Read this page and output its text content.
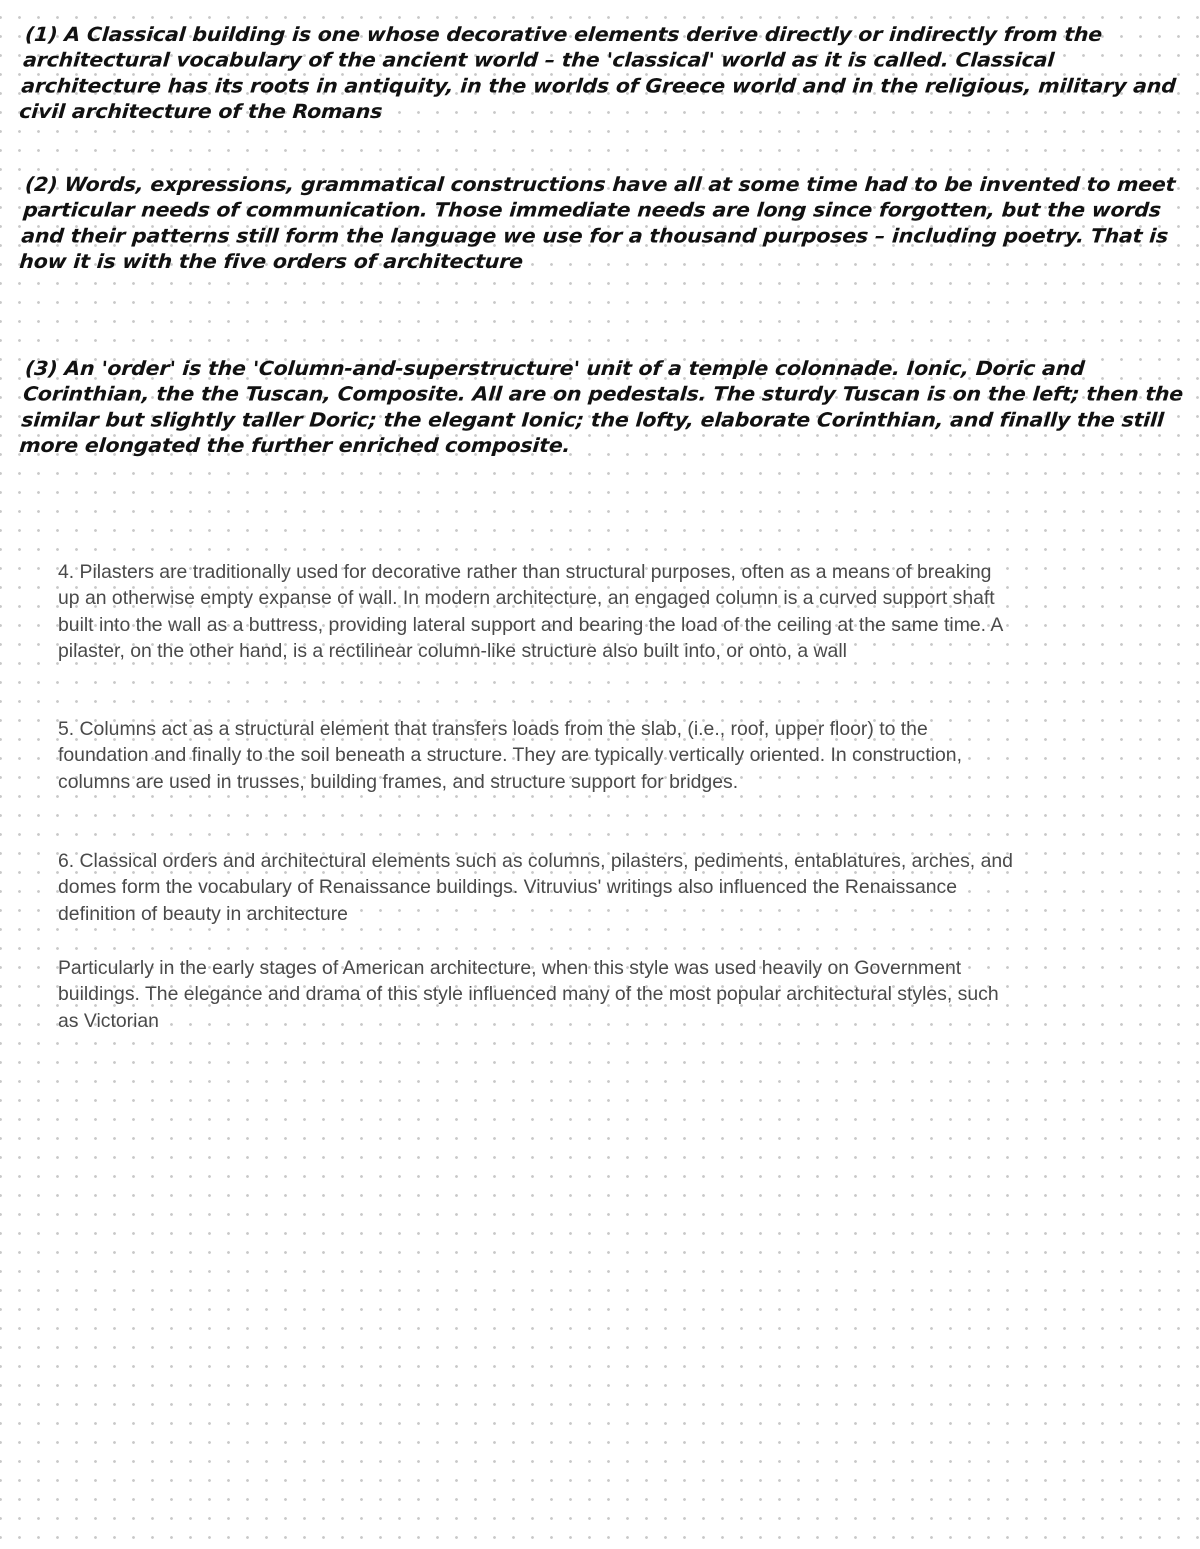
(1) A Classical building is one whose decorative elements derive directly or indirectly from the architectural vocabulary of the ancient world – the 'classical' world as it is called. Classical architecture has its roots in antiquity, in the worlds of Greece world and in the religious, military and civil architecture of the Romans
(2) Words, expressions, grammatical constructions have all at some time had to be invented to meet particular needs of communication. Those immediate needs are long since forgotten, but the words and their patterns still form the language we use for a thousand purposes – including poetry. That is how it is with the five orders of architecture
(3) An 'order' is the 'Column-and-superstructure' unit of a temple colonnade. Ionic, Doric and Corinthian, the the Tuscan, Composite. All are on pedestals. The sturdy Tuscan is on the left; then the similar but slightly taller Doric; the elegant Ionic; the lofty, elaborate Corinthian, and finally the still more elongated the further enriched composite.
4. Pilasters are traditionally used for decorative rather than structural purposes, often as a means of breaking up an otherwise empty expanse of wall. In modern architecture, an engaged column is a curved support shaft built into the wall as a buttress, providing lateral support and bearing the load of the ceiling at the same time. A pilaster, on the other hand, is a rectilinear column-like structure also built into, or onto, a wall
5. Columns act as a structural element that transfers loads from the slab, (i.e., roof, upper floor) to the foundation and finally to the soil beneath a structure. They are typically vertically oriented. In construction, columns are used in trusses, building frames, and structure support for bridges.
6. Classical orders and architectural elements such as columns, pilasters, pediments, entablatures, arches, and domes form the vocabulary of Renaissance buildings. Vitruvius' writings also influenced the Renaissance definition of beauty in architecture
Particularly in the early stages of American architecture, when this style was used heavily on Government buildings. The elegance and drama of this style influenced many of the most popular architectural styles, such as Victorian
